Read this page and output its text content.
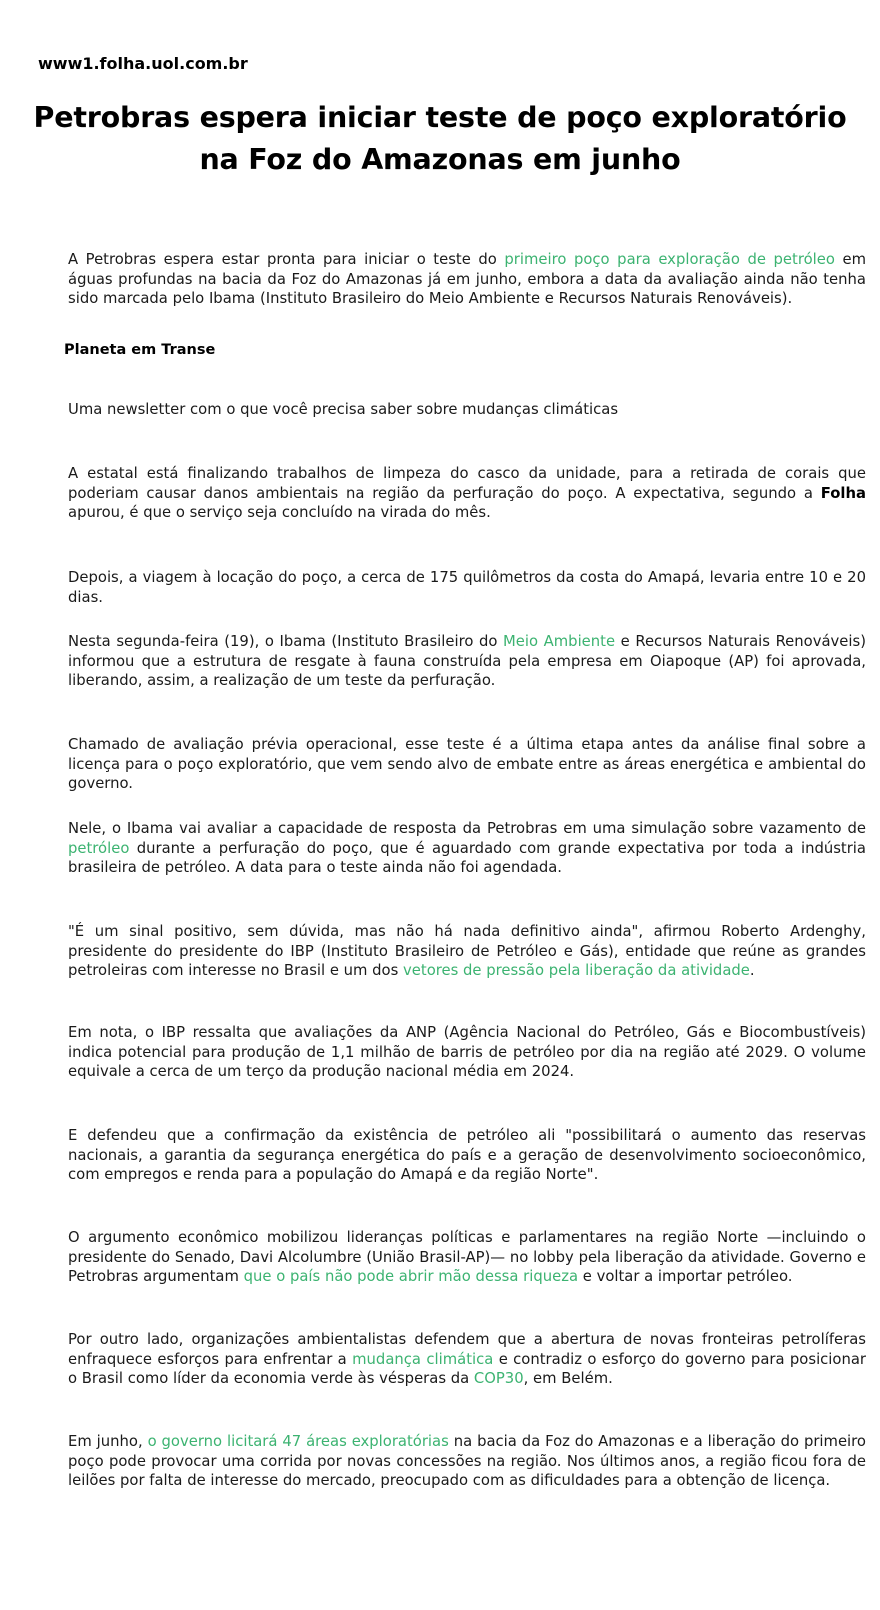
www1.folha.uol.com.br
Petrobras espera iniciar teste de poço exploratório
na Foz do Amazonas em junho

A Petrobras espera estar pronta para iniciar o teste do primeiro poço para exploração de petróleo em águas profundas na bacia da Foz do Amazonas já em junho, embora a data da avaliação ainda não tenha sido marcada pelo Ibama (Instituto Brasileiro do Meio Ambiente e Recursos Naturais Renováveis).

Planeta em Transe

Uma newsletter com o que você precisa saber sobre mudanças climáticas

A estatal está finalizando trabalhos de limpeza do casco da unidade, para a retirada de corais que poderiam causar danos ambientais na região da perfuração do poço. A expectativa, segundo a Folha apurou, é que o serviço seja concluído na virada do mês.

Depois, a viagem à locação do poço, a cerca de 175 quilômetros da costa do Amapá, levaria entre 10 e 20 dias.

Nesta segunda-feira (19), o Ibama (Instituto Brasileiro do Meio Ambiente e Recursos Naturais Renováveis) informou que a estrutura de resgate à fauna construída pela empresa em Oiapoque (AP) foi aprovada, liberando, assim, a realização de um teste da perfuração.

Chamado de avaliação prévia operacional, esse teste é a última etapa antes da análise final sobre a licença para o poço exploratório, que vem sendo alvo de embate entre as áreas energética e ambiental do governo.

Nele, o Ibama vai avaliar a capacidade de resposta da Petrobras em uma simulação sobre vazamento de petróleo durante a perfuração do poço, que é aguardado com grande expectativa por toda a indústria brasileira de petróleo. A data para o teste ainda não foi agendada.

"É um sinal positivo, sem dúvida, mas não há nada definitivo ainda", afirmou Roberto Ardenghy, presidente do presidente do IBP (Instituto Brasileiro de Petróleo e Gás), entidade que reúne as grandes petroleiras com interesse no Brasil e um dos vetores de pressão pela liberação da atividade.

Em nota, o IBP ressalta que avaliações da ANP (Agência Nacional do Petróleo, Gás e Biocombustíveis) indica potencial para produção de 1,1 milhão de barris de petróleo por dia na região até 2029. O volume equivale a cerca de um terço da produção nacional média em 2024.

E defendeu que a confirmação da existência de petróleo ali "possibilitará o aumento das reservas nacionais, a garantia da segurança energética do país e a geração de desenvolvimento socioeconômico, com empregos e renda para a população do Amapá e da região Norte".

O argumento econômico mobilizou lideranças políticas e parlamentares na região Norte —incluindo o presidente do Senado, Davi Alcolumbre (União Brasil-AP)— no lobby pela liberação da atividade. Governo e Petrobras argumentam que o país não pode abrir mão dessa riqueza e voltar a importar petróleo.

Por outro lado, organizações ambientalistas defendem que a abertura de novas fronteiras petrolíferas enfraquece esforços para enfrentar a mudança climática e contradiz o esforço do governo para posicionar o Brasil como líder da economia verde às vésperas da COP30, em Belém.

Em junho, o governo licitará 47 áreas exploratórias na bacia da Foz do Amazonas e a liberação do primeiro poço pode provocar uma corrida por novas concessões na região. Nos últimos anos, a região ficou fora de leilões por falta de interesse do mercado, preocupado com as dificuldades para a obtenção de licença.
